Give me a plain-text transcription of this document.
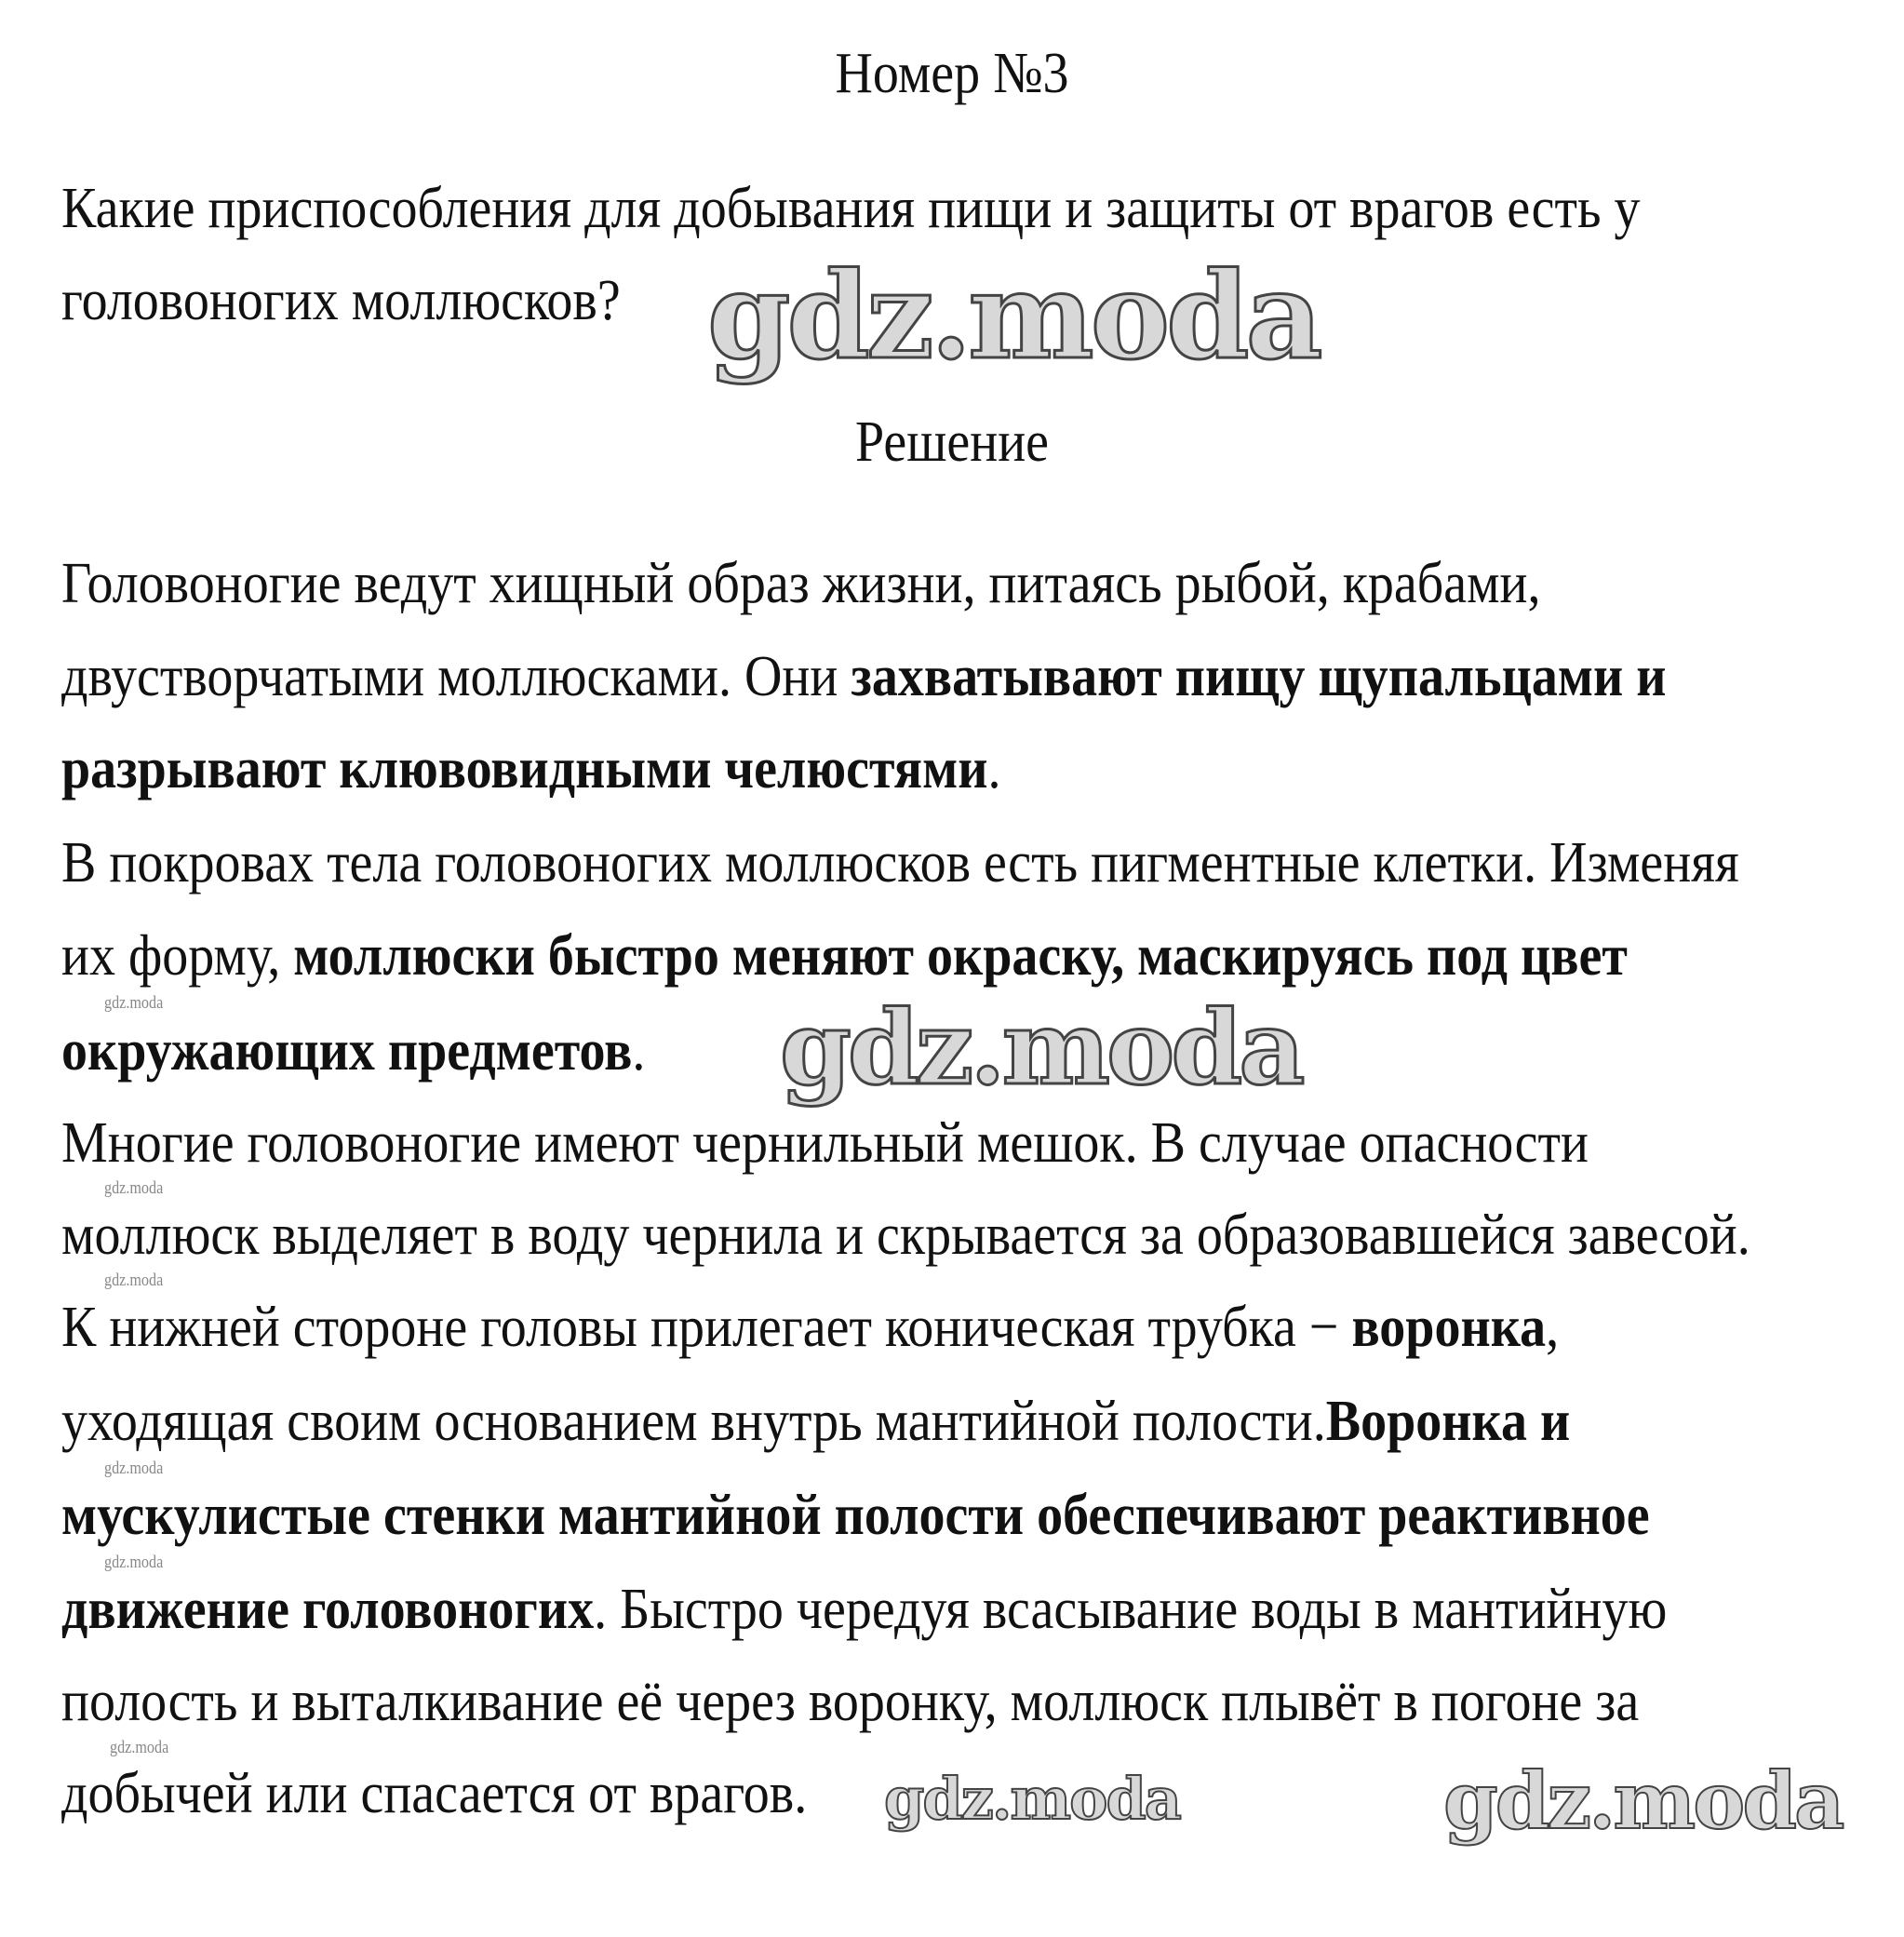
Номер №3
Какие приспособления для добывания пищи и защиты от врагов есть у
головоногих моллюсков?
Решение
Головоногие ведут хищный образ жизни, питаясь рыбой, крабами,
двустворчатыми моллюсками. Они захватывают пищу щупальцами и
разрывают клювовидными челюстями.
В покровах тела головоногих моллюсков есть пигментные клетки. Изменяя
их форму, моллюски быстро меняют окраску, маскируясь под цвет
окружающих предметов.
Многие головоногие имеют чернильный мешок. В случае опасности
моллюск выделяет в воду чернила и скрывается за образовавшейся завесой.
К нижней стороне головы прилегает коническая трубка − воронка,
уходящая своим основанием внутрь мантийной полости.Воронка и
мускулистые стенки мантийной полости обеспечивают реактивное
движение головоногих. Быстро чередуя всасывание воды в мантийную
полость и выталкивание её через воронку, моллюск плывёт в погоне за
добычей или спасается от врагов.
gdz.moda
gdz.moda
gdz.moda	gdz.moda
gdz.moda
gdz.moda
gdz.moda
gdz.moda
gdz.moda
gdz.moda
